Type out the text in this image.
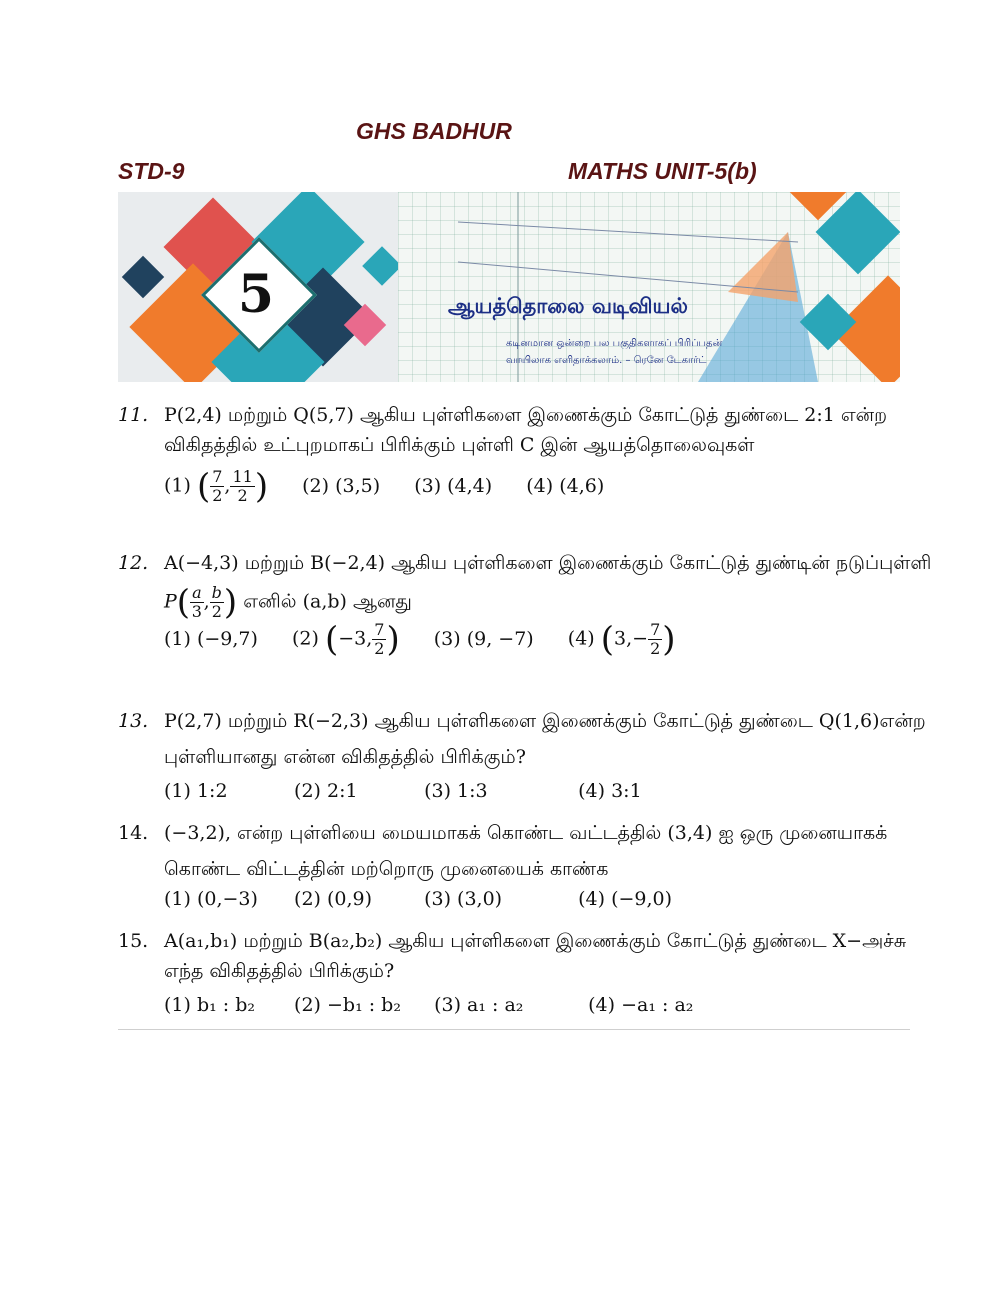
GHS BADHUR
STD-9	MATHS UNIT-5(b)
5	ஆயத்தொலை வடிவியல்
கடினமான ஒன்றை பல பகுதிகளாகப் பிரிப்பதன்
வாயிலாக எளிதாக்கலாம். – ரெனே டேகார்ட்
11. P(2,4) மற்றும் Q(5,7) ஆகிய புள்ளிகளை இணைக்கும் கோட்டுத் துண்டை 2:1 என்ற
விகிதத்தில் உட்புறமாகப் பிரிக்கும் புள்ளி C இன் ஆயத்தொலைவுகள்
(1) ( $\frac{7}{2}$ , $\frac{11}{2}$ ) (2) (3,5) (3) (4,4) (4) (4,6)
12. A(−4,3) மற்றும் B(−2,4) ஆகிய புள்ளிகளை இணைக்கும் கோட்டுத் துண்டின் நடுப்புள்ளி
$P( \frac{a}{3}$ , $\frac{b}{2}$ ) எனில் (a,b) ஆனது
(1) (−9,7) (2) (−3, $\frac{7}{2}$ ) (3) (9, −7) (4) ($3,- \frac{7}{2}$ )
13. P(2,7) மற்றும் R(−2,3) ஆகிய புள்ளிகளை இணைக்கும் கோட்டுத் துண்டை Q(1,6)என்ற
புள்ளியானது என்ன விகிதத்தில் பிரிக்கும்?
(1) 1:2	(2) 2:1	(3) 1:3	(4) 3:1
14. (−3,2), என்ற புள்ளியை மையமாகக் கொண்ட வட்டத்தில் (3,4) ஐ ஒரு முனையாகக்
கொண்ட விட்டத்தின் மற்றொரு முனையைக் காண்க
(1) (0,−3) (2) (0,9)	(3) (3,0)	(4) (−9,0)
15. A(a₁,b₁) மற்றும் B(a₂,b₂) ஆகிய புள்ளிகளை இணைக்கும் கோட்டுத் துண்டை X−அச்சு
எந்த விகிதத்தில் பிரிக்கும்?
(1) b₁ : b₂ (2) −b₁ : b₂ (3) a₁ : a₂	(4) −a₁ : a₂
